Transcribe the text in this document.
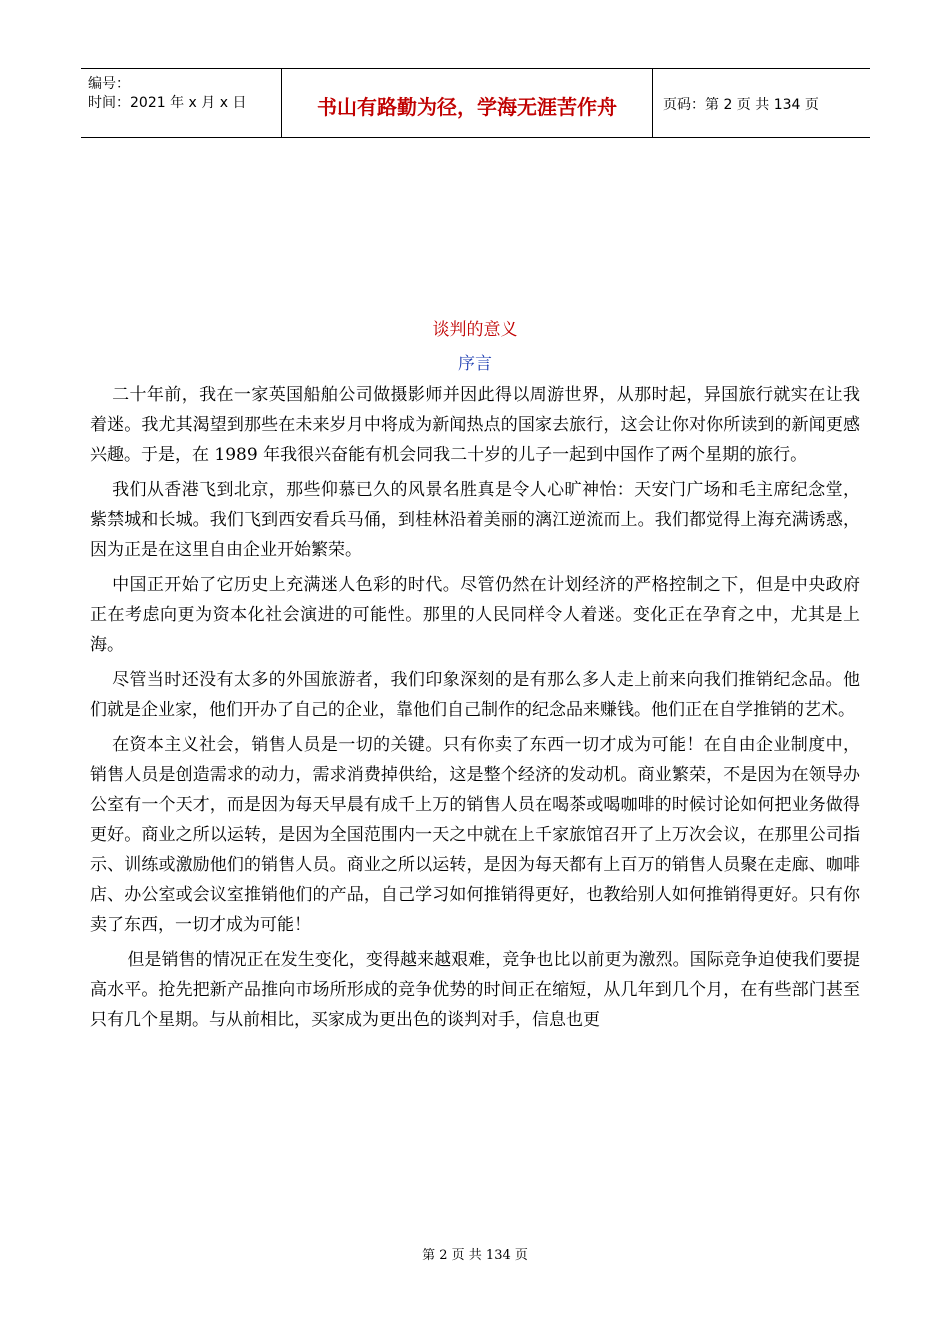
编号：
时间：2021 年 x 月 x 日	书山有路勤为径，学海无涯苦作舟	页码：第 2 页 共 134 页
谈判的意义
序言

二十年前，我在一家英国船舶公司做摄影师并因此得以周游世界，从那时起，异国旅行就实在让我着迷。我尤其渴望到那些在未来岁月中将成为新闻热点的国家去旅行，这会让你对你所读到的新闻更感兴趣。于是，在 1989 年我很兴奋能有机会同我二十岁的儿子一起到中国作了两个星期的旅行。

我们从香港飞到北京，那些仰慕已久的风景名胜真是令人心旷神怡：天安门广场和毛主席纪念堂，紫禁城和长城。我们飞到西安看兵马俑，到桂林沿着美丽的漓江逆流而上。我们都觉得上海充满诱惑，因为正是在这里自由企业开始繁荣。

中国正开始了它历史上充满迷人色彩的时代。尽管仍然在计划经济的严格控制之下，但是中央政府正在考虑向更为资本化社会演进的可能性。那里的人民同样令人着迷。变化正在孕育之中，尤其是上海。

尽管当时还没有太多的外国旅游者，我们印象深刻的是有那么多人走上前来向我们推销纪念品。他们就是企业家，他们开办了自己的企业，靠他们自己制作的纪念品来赚钱。他们正在自学推销的艺术。

在资本主义社会，销售人员是一切的关键。只有你卖了东西一切才成为可能！在自由企业制度中，销售人员是创造需求的动力，需求消费掉供给，这是整个经济的发动机。商业繁荣，不是因为在领导办公室有一个天才，而是因为每天早晨有成千上万的销售人员在喝茶或喝咖啡的时候讨论如何把业务做得更好。商业之所以运转，是因为全国范围内一天之中就在上千家旅馆召开了上万次会议，在那里公司指示、训练或激励他们的销售人员。商业之所以运转，是因为每天都有上百万的销售人员聚在走廊、咖啡店、办公室或会议室推销他们的产品，自己学习如何推销得更好，也教给别人如何推销得更好。只有你卖了东西，一切才成为可能！

但是销售的情况正在发生变化，变得越来越艰难，竞争也比以前更为激烈。国际竞争迫使我们要提高水平。抢先把新产品推向市场所形成的竞争优势的时间正在缩短，从几年到几个月，在有些部门甚至只有几个星期。与从前相比，买家成为更出色的谈判对手，信息也更

第 2 页 共 134 页
